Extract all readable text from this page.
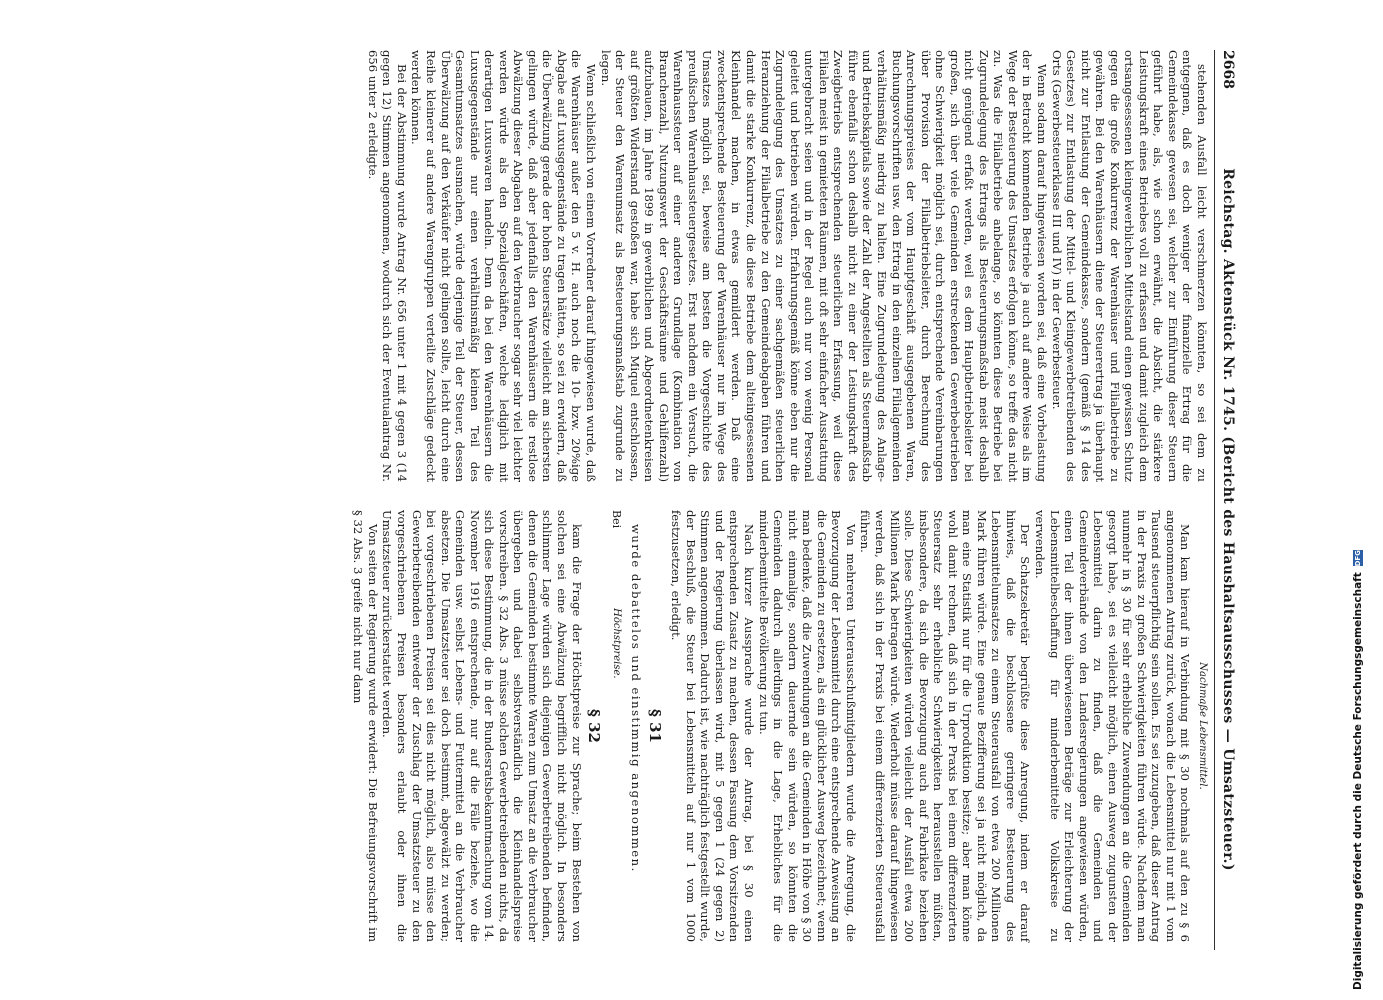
2668
Reichstag. Aktenstück Nr. 1745. (Bericht des Haushaltsausschusses — Umsatzsteuer.)

stehenden Ausfall leicht verschmerzen könnten, so sei dem zu entgegnen, daß es doch weniger der finanzielle Ertrag für die Gemeindekasse gewesen sei, welcher zur Einführung dieser Steuern geführt habe, als, wie schon erwähnt, die Absicht, die stärkere Leistungskraft eines Betriebes voll zu erfassen und damit zugleich dem ortsangesessenen kleingewerblichen Mittelstand einen gewissen Schutz gegen die große Konkurrenz der Warenhäuser und Filialbetriebe zu gewähren. Bei den Warenhäusern diene der Steuerertrag ja überhaupt nicht zur Entlastung der Gemeindekasse, sondern (gemäß § 14 des Gesetzes) zur Entlastung der Mittel- und Kleingewerbetreibenden des Orts (Gewerbesteuerklasse III und IV) in der Gewerbesteuer.

Wenn sodann darauf hingewiesen worden sei, daß eine Vorbelastung der in Betracht kommenden Betriebe ja auch auf andere Weise als im Wege der Besteuerung des Umsatzes erfolgen könne, so treffe das nicht zu. Was die Filialbetriebe anbelange, so könnten diese Betriebe bei Zugrundelegung des Ertrags als Besteuerungsmaßstab meist deshalb nicht genügend erfaßt werden, weil es dem Hauptbetriebsleiter bei großen, sich über viele Gemeinden erstreckenden Gewerbebetrieben ohne Schwierigkeit möglich sei, durch entsprechende Vereinbarungen über Provision der Filialbetriebsleiter, durch Berechnung des Anrechnungspreises der vom Hauptgeschäft ausgegebenen Waren, Buchungsvorschriften usw. den Ertrag in den einzelnen Filialgemeinden verhältnismäßig niedrig zu halten. Eine Zugrundelegung des Anlage- und Betriebskapitals sowie der Zahl der Angestellten als Steuermaßstab führe ebenfalls schon deshalb nicht zu einer der Leistungskraft des Zweigbetriebs entsprechenden steuerlichen Erfassung, weil diese Filialen meist in gemieteten Räumen, mit oft sehr einfacher Ausstattung untergebracht seien und in der Regel auch nur von wenig Personal geleitet und betrieben würden. Erfahrungsgemäß könne eben nur die Zugrundelegung des Umsatzes zu einer sachgemäßen steuerlichen Heranziehung der Filialbetriebe zu den Gemeindeabgaben führen und damit die starke Konkurrenz, die diese Betriebe dem alteingesessenen Kleinhandel machen, in etwas gemildert werden. Daß eine zweckentsprechende Besteuerung der Warenhäuser nur im Wege des Umsatzes möglich sei, beweise am besten die Vorgeschichte des preußischen Warenhaussteuergesetzes. Erst nachdem ein Versuch, die Warenhaussteuer auf einer anderen Grundlage (Kombination von Branchenzahl, Nutzungswert der Geschäftsräume und Gehilfenzahl) aufzubauen, im Jahre 1899 in gewerblichen und Abgeordnetenkreisen auf größten Widerstand gestoßen war, habe sich Miquel entschlossen, der Steuer den Warenumsatz als Besteuerungsmaßstab zugrunde zu legen.

Wenn schließlich von einem Vorredner darauf hingewiesen wurde, daß die Warenhäuser außer den 5 v. H. auch noch die 10- bzw. 20%ige Abgabe auf Luxusgegenstände zu tragen hätten, so sei zu erwidern, daß die Überwälzung gerade der hohen Steuersätze vielleicht am sichersten gelingen würde, daß aber jedenfalls den Warenhäusern die restlose Abwälzung dieser Abgaben auf den Verbraucher sogar sehr viel leichter werden würde als den Spezialgeschäften, welche lediglich mit derartigen Luxuswaren handeln. Denn da bei den Warenhäusern die Luxusgegenstände nur einen verhältnismäßig kleinen Teil des Gesamtumsatzes ausmachen, würde derjenige Teil der Steuer, dessen Überwälzung auf den Verkäufer nicht gelingen sollte, leicht durch eine Reihe kleinerer auf andere Warengruppen verteilte Zuschläge gedeckt werden können.

Bei der Abstimmung wurde Antrag Nr. 656 unter 1 mit 4 gegen 3 (14 gegen 12) Stimmen angenommen, wodurch sich der Eventualantrag Nr. 656 unter 2 erledigte.

Nachmaße Lebensmittel.

Man kam hierauf in Verbindung mit § 30 nochmals auf den zu § 6 angenommenen Antrag zurück, wonach die Lebensmittel nur mit 1 vom Tausend steuerpflichtig sein sollen. Es sei zuzugeben, daß dieser Antrag in der Praxis zu großen Schwierigkeiten führen würde. Nachdem man nunmehr in § 30 für sehr erhebliche Zuwendungen an die Gemeinden gesorgt habe, sei es vielleicht möglich, einen Ausweg zugunsten der Lebensmittel darin zu finden, daß die Gemeinden und Gemeindeverbände von den Landesregierungen angewiesen würden, einen Teil der ihnen überwiesenen Beträge zur Erleichterung der Lebensmittelbeschaffung für minderbemittelte Volkskreise zu verwenden.

Der Schatzsekretär begrüßte diese Anregung, indem er darauf hinwies, daß die beschlossene geringere Besteuerung des Lebensmittelumsatzes zu einem Steuerausfall von etwa 200 Millionen Mark führen würde. Eine genaue Bezifferung sei ja nicht möglich, da man eine Statistik nur für die Urproduktion besitze; aber man könne wohl damit rechnen, daß sich in der Praxis bei einem differenzierten Steuersatz sehr erhebliche Schwierigkeiten herausstellen müßten, insbesondere, da sich die Bevorzugung auch auf Fabrikate beziehen solle. Diese Schwierigkeiten würden vielleicht der Ausfall etwa 200 Millionen Mark betragen würde. Wiederholt müsse darauf hingewiesen werden, daß sich in der Praxis bei einem differenzierten Steuerausfall führen.

Von mehreren Unterausschußmitgliedern wurde die Anregung, die Bevorzugung der Lebensmittel durch eine entsprechende Anweisung an die Gemeinden zu ersetzen, als ein glücklicher Ausweg bezeichnet; wenn man bedenke, daß die Zuwendungen an die Gemeinden in Höhe von § 30 nicht einmalige, sondern dauernde sein würden, so könnten die Gemeinden dadurch allerdings in die Lage, Erhebliches für die minderbemittelte Bevölkerung zu tun.

Nach kurzer Aussprache wurde der Antrag, bei § 30 einen entsprechenden Zusatz zu machen, dessen Fassung dem Vorsitzenden und der Regierung überlassen wird, mit 5 gegen 1 (24 gegen 2) Stimmen angenommen. Dadurch ist, wie nachträglich festgestellt wurde, der Beschluß, die Steuer bei Lebensmitteln auf nur 1 vom 1000 festzusetzen, erledigt.

§ 31
wurde debattelos und einstimmig angenommen.
Bei
Höchstpreise.
§ 32

kam die Frage der Höchstpreise zur Sprache; beim Bestehen von solchen sei eine Abwälzung begrifflich nicht möglich. In besonders schlimmer Lage würden sich diejenigen Gewerbetreibenden befinden, denen die Gemeinden bestimmte Waren zum Umsatz an die Verbraucher übergeben und dabei selbstverständlich die Kleinhandelspreise vorschreiben. § 32 Abs. 3 müsse solchen Gewerbetreibenden nichts, da sich diese Bestimmung, die in der Bundesratsbekanntmachung vom 14. November 1916 entsprechende, nur auf die Fälle beziehe, wo die Gemeinden usw. selbst Lebens- und Futtermittel an die Verbraucher absetzen. Die Umsatzsteuer sei doch bestimmt, abgewälzt zu werden; bei vorgeschriebenen Preisen sei dies nicht möglich, also müsse den Gewerbetreibenden entweder der Zuschlag der Umsatzsteuer zu den vorgeschriebenen Preisen besonders erlaubt oder ihnen die Umsatzsteuer zurückerstattet werden.

Von seiten der Regierung wurde erwidert: Die Befreiungsvorschrift im § 32 Abs. 3 greife nicht nur dann	Digitalisierung gefördert durch die Deutsche Forschungsgemeinschaft
DFG
